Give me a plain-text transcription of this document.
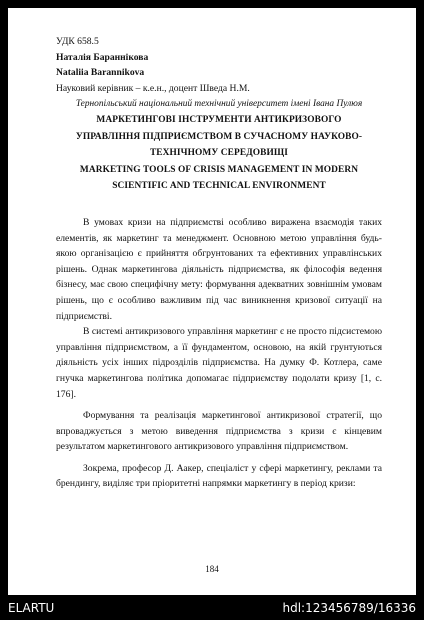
УДК 658.5

Наталія Бараннікова

Nataliia Barannikova

Науковий керівник – к.е.н., доцент Шведа Н.М.

Тернопільський національний технічний університет імені Івана Пулюя

МАРКЕТИНГОВІ ІНСТРУМЕНТИ АНТИКРИЗОВОГО

УПРАВЛІННЯ ПІДПРИЄМСТВОМ В СУЧАСНОМУ НАУКОВО-

ТЕХНІЧНОМУ СЕРЕДОВИЩІ

MARKETING TOOLS OF CRISIS MANAGEMENT IN MODERN

SCIENTIFIC AND TECHNICAL ENVIRONMENT

В умовах кризи на підприємстві особливо виражена взаємодія таких елементів, як маркетинг та менеджмент. Основною метою управління будь-якою організацією є прийняття обгрунтованих та ефективних управлінських рішень. Однак маркетингова діяльність підприємства, як філософія ведення бізнесу, має свою специфічну мету: формування адекватних зовнішнім умовам рішень, що є особливо важливим під час виникнення кризової ситуації на підприємстві.

В системі антикризового управління маркетинг є не просто підсистемою управління підприємством, а її фундаментом, основою, на якій грунтуються діяльність усіх інших підрозділів підприємства. На думку Ф. Котлера, саме гнучка маркетингова політика допомагає підприємству подолати кризу [1, с. 176].

Формування та реалізація маркетингової антикризової стратегії, що впроваджується з метою виведення підприємства з кризи є кінцевим результатом маркетингового антикризового управління підприємством.

Зокрема, професор Д. Аакер, спеціаліст у сфері маркетингу, реклами та брендингу, виділяє три пріоритетні напрямки маркетингу в період кризи:

184
ELARTU	hdl:123456789/16336
